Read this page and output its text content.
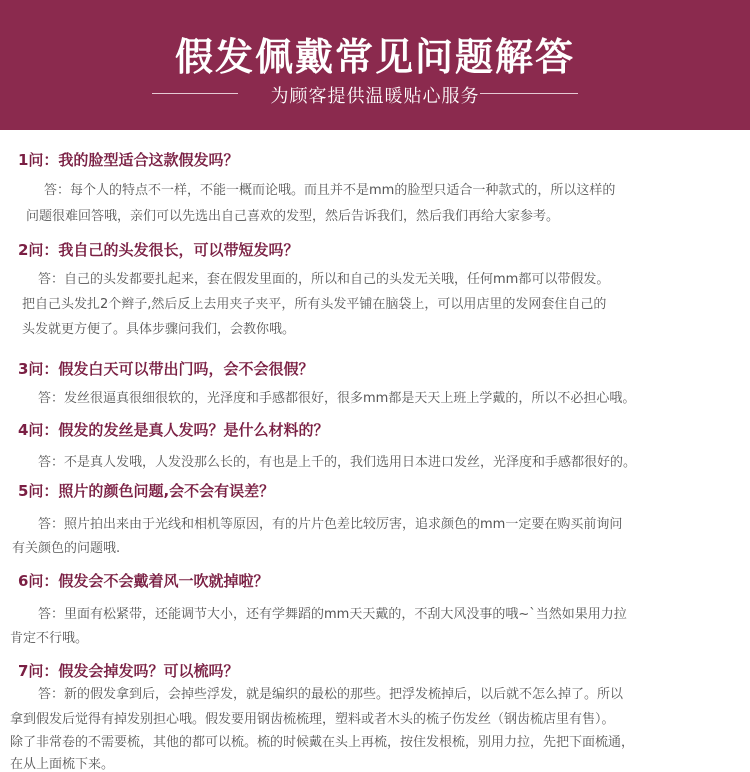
假发佩戴常见问题解答
为顾客提供温暖贴心服务
1问：我的脸型适合这款假发吗？
答：每个人的特点不一样，不能一概而论哦。而且并不是mm的脸型只适合一种款式的，所以这样的
问题很难回答哦，亲们可以先选出自己喜欢的发型，然后告诉我们，然后我们再给大家参考。
2问：我自己的头发很长，可以带短发吗？
答：自己的头发都要扎起来，套在假发里面的，所以和自己的头发无关哦，任何mm都可以带假发。
把自己头发扎2个辫子,然后反上去用夹子夹平，所有头发平铺在脑袋上，可以用店里的发网套住自己的
头发就更方便了。具体步骤问我们，会教你哦。
3问：假发白天可以带出门吗，会不会很假？
答：发丝很逼真很细很软的，光泽度和手感都很好，很多mm都是天天上班上学戴的，所以不必担心哦。
4问：假发的发丝是真人发吗？是什么材料的？
答：不是真人发哦，人发没那么长的，有也是上千的，我们选用日本进口发丝，光泽度和手感都很好的。
5问：照片的颜色问题,会不会有误差？
答：照片拍出来由于光线和相机等原因，有的片片色差比较厉害，追求颜色的mm一定要在购买前询问
有关颜色的问题哦.
6问：假发会不会戴着风一吹就掉啦？
答：里面有松紧带，还能调节大小，还有学舞蹈的mm天天戴的，不刮大风没事的哦~`当然如果用力拉
肯定不行哦。
7问：假发会掉发吗？可以梳吗？
答：新的假发拿到后，会掉些浮发，就是编织的最松的那些。把浮发梳掉后，以后就不怎么掉了。所以
拿到假发后觉得有掉发别担心哦。假发要用钢齿梳梳理，塑料或者木头的梳子伤发丝（钢齿梳店里有售）。
除了非常卷的不需要梳，其他的都可以梳。梳的时候戴在头上再梳，按住发根梳，别用力拉，先把下面梳通，
在从上面梳下来。
